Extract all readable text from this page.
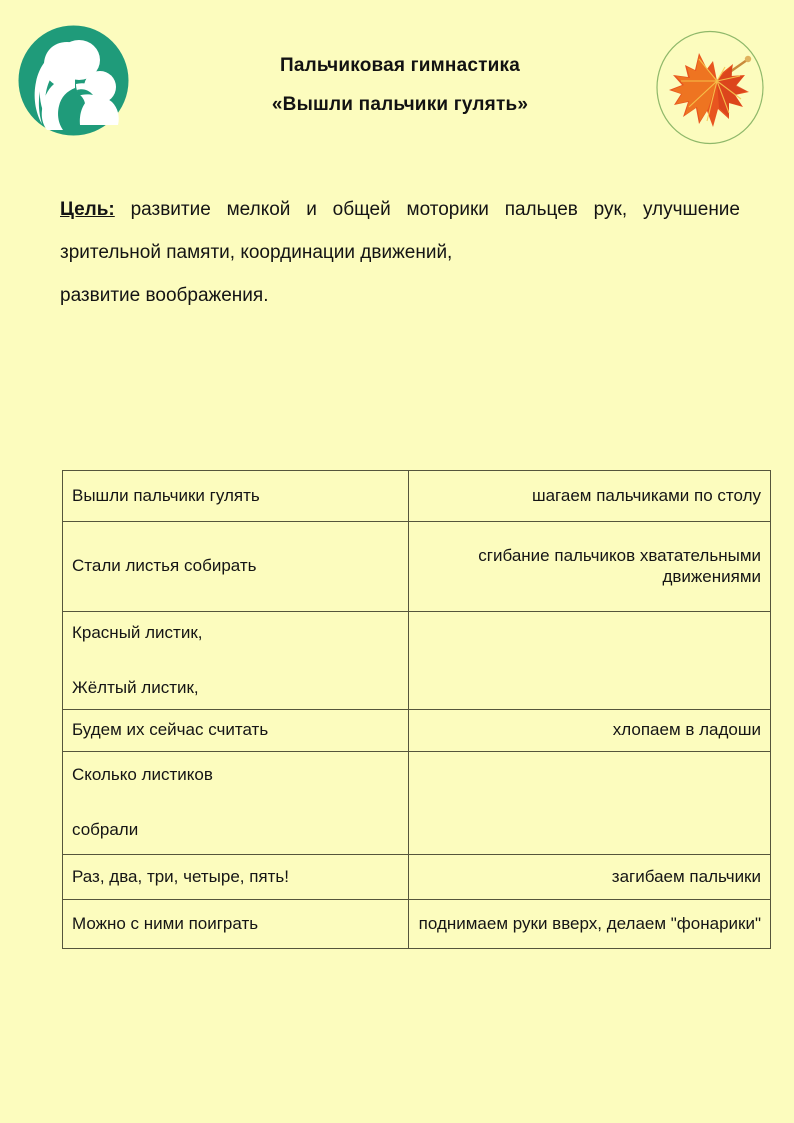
Пальчиковая гимнастика
«Вышли пальчики гулять»
Цель: развитие мелкой и общей моторики пальцев рук, улучшение зрительной памяти, координации движений,
развитие воображения.

Вышли пальчики гулять	шагаем пальчиками по столу

Стали листья собирать	сгибание пальчиков хватательными движениями

Красный листик,

Жёлтый листик,	

Будем их сейчас считать	хлопаем в ладоши

Сколько листиков

собрали	

Раз, два, три, четыре, пять!	загибаем пальчики

Можно с ними поиграть	поднимаем руки вверх, делаем "фонарики"
